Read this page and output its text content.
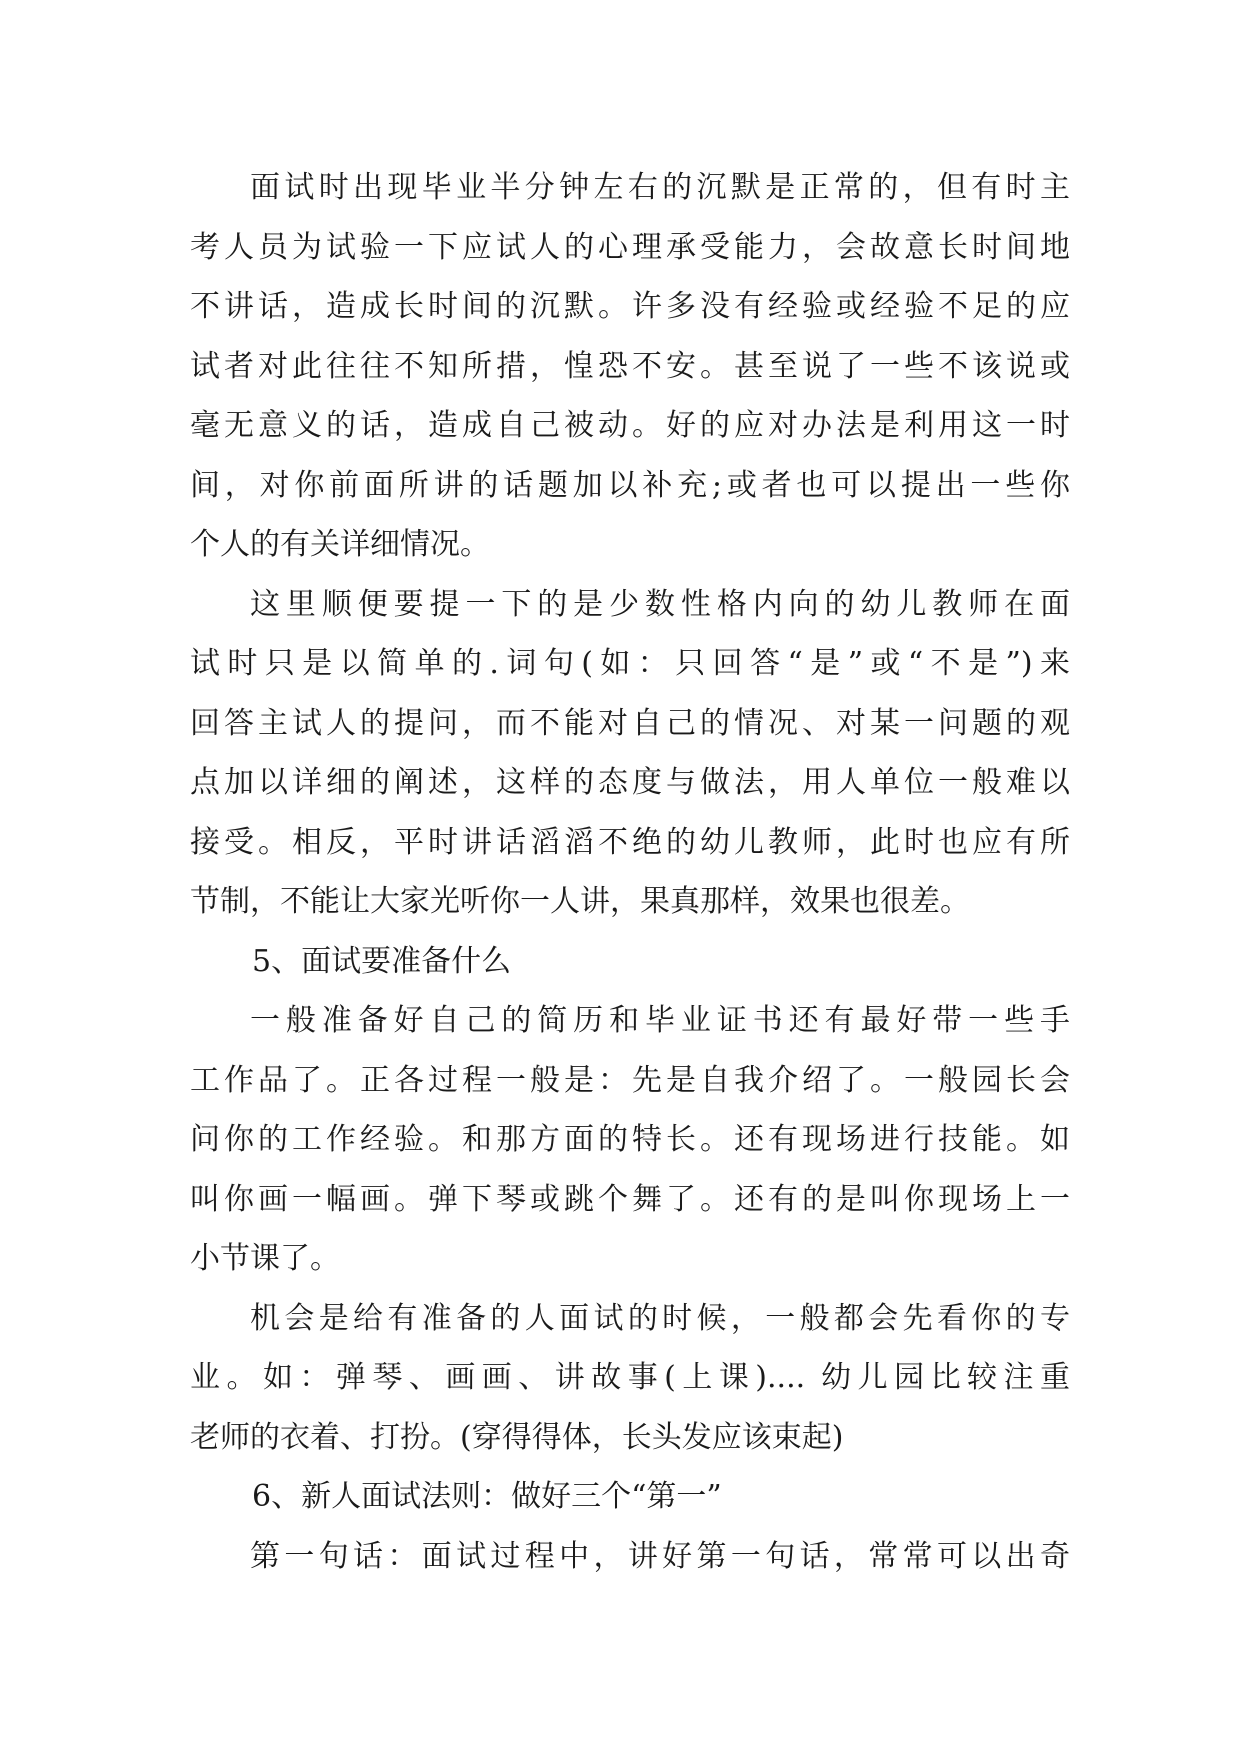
面试时出现毕业半分钟左右的沉默是正常的，但有时主
考人员为试验一下应试人的心理承受能力，会故意长时间地
不讲话，造成长时间的沉默。许多没有经验或经验不足的应
试者对此往往不知所措，惶恐不安。甚至说了一些不该说或
毫无意义的话，造成自己被动。好的应对办法是利用这一时
间，对你前面所讲的话题加以补充;或者也可以提出一些你
个人的有关详细情况。
这里顺便要提一下的是少数性格内向的幼儿教师在面
试时只是以简单的.词句(如：只回答“是”或“不是”)来
回答主试人的提问，而不能对自己的情况、对某一问题的观
点加以详细的阐述，这样的态度与做法，用人单位一般难以
接受。相反，平时讲话滔滔不绝的幼儿教师，此时也应有所
节制，不能让大家光听你一人讲，果真那样，效果也很差。
5、面试要准备什么
一般准备好自己的简历和毕业证书还有最好带一些手
工作品了。正各过程一般是：先是自我介绍了。一般园长会
问你的工作经验。和那方面的特长。还有现场进行技能。如
叫你画一幅画。弹下琴或跳个舞了。还有的是叫你现场上一
小节课了。
机会是给有准备的人面试的时候，一般都会先看你的专
业。如：弹琴、画画、讲故事(上课).... 幼儿园比较注重
老师的衣着、打扮。(穿得得体，长头发应该束起)
6、新人面试法则：做好三个“第一”
第一句话：面试过程中，讲好第一句话，常常可以出奇
